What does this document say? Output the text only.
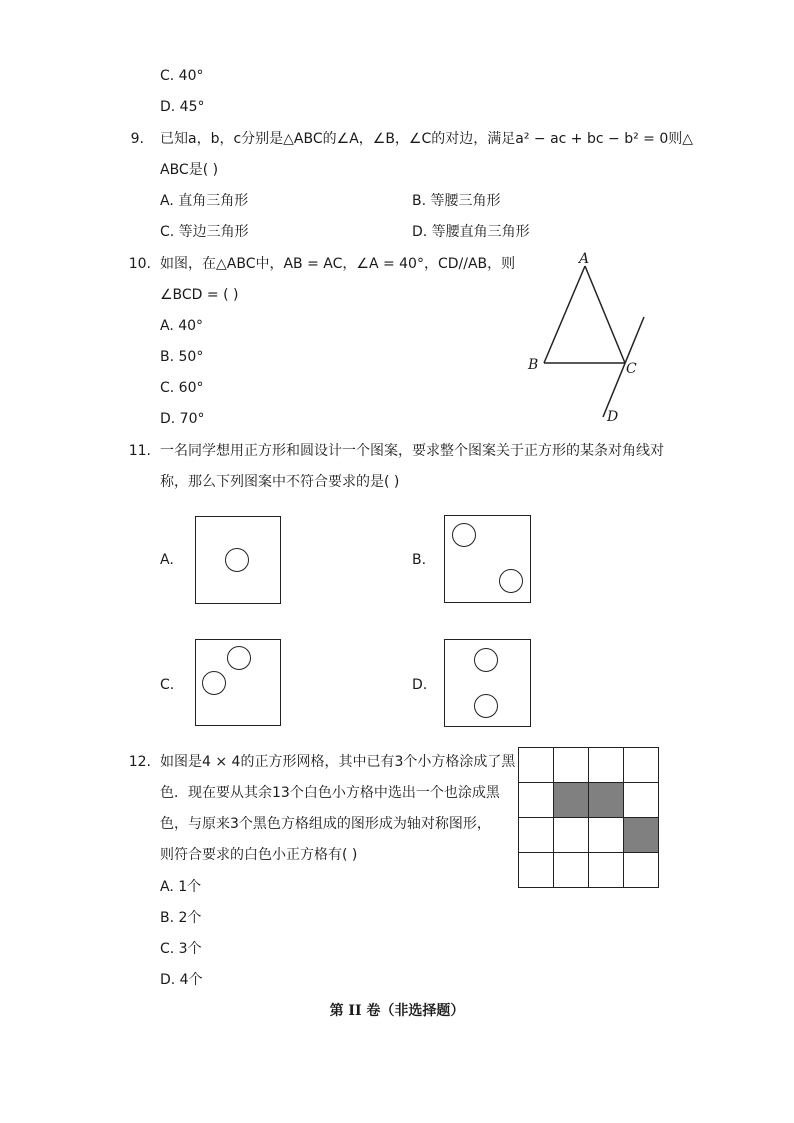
C. 40°
D. 45°
9. 已知a，b，c分别是△ABC的∠A，∠B，∠C的对边，满足a² − ac + bc − b² = 0则△
ABC是( )
A. 直角三角形	B. 等腰三角形
C. 等边三角形	D. 等腰直角三角形
10. 如图，在△ABC中，AB = AC，∠A = 40°，CD//AB，则
∠BCD = ( )
A. 40°
B. 50°
C. 60°
D. 70°
A
B	C
D
11. 一名同学想用正方形和圆设计一个图案，要求整个图案关于正方形的某条对角线对
称，那么下列图案中不符合要求的是( )
A.	B.
C.	D.
12. 如图是4 × 4的正方形网格，其中已有3个小方格涂成了黑
色．现在要从其余13个白色小方格中选出一个也涂成黑
色，与原来3个黑色方格组成的图形成为轴对称图形，
则符合要求的白色小正方格有( )
A. 1个
B. 2个
C. 3个
D. 4个

第 II 卷（非选择题）
